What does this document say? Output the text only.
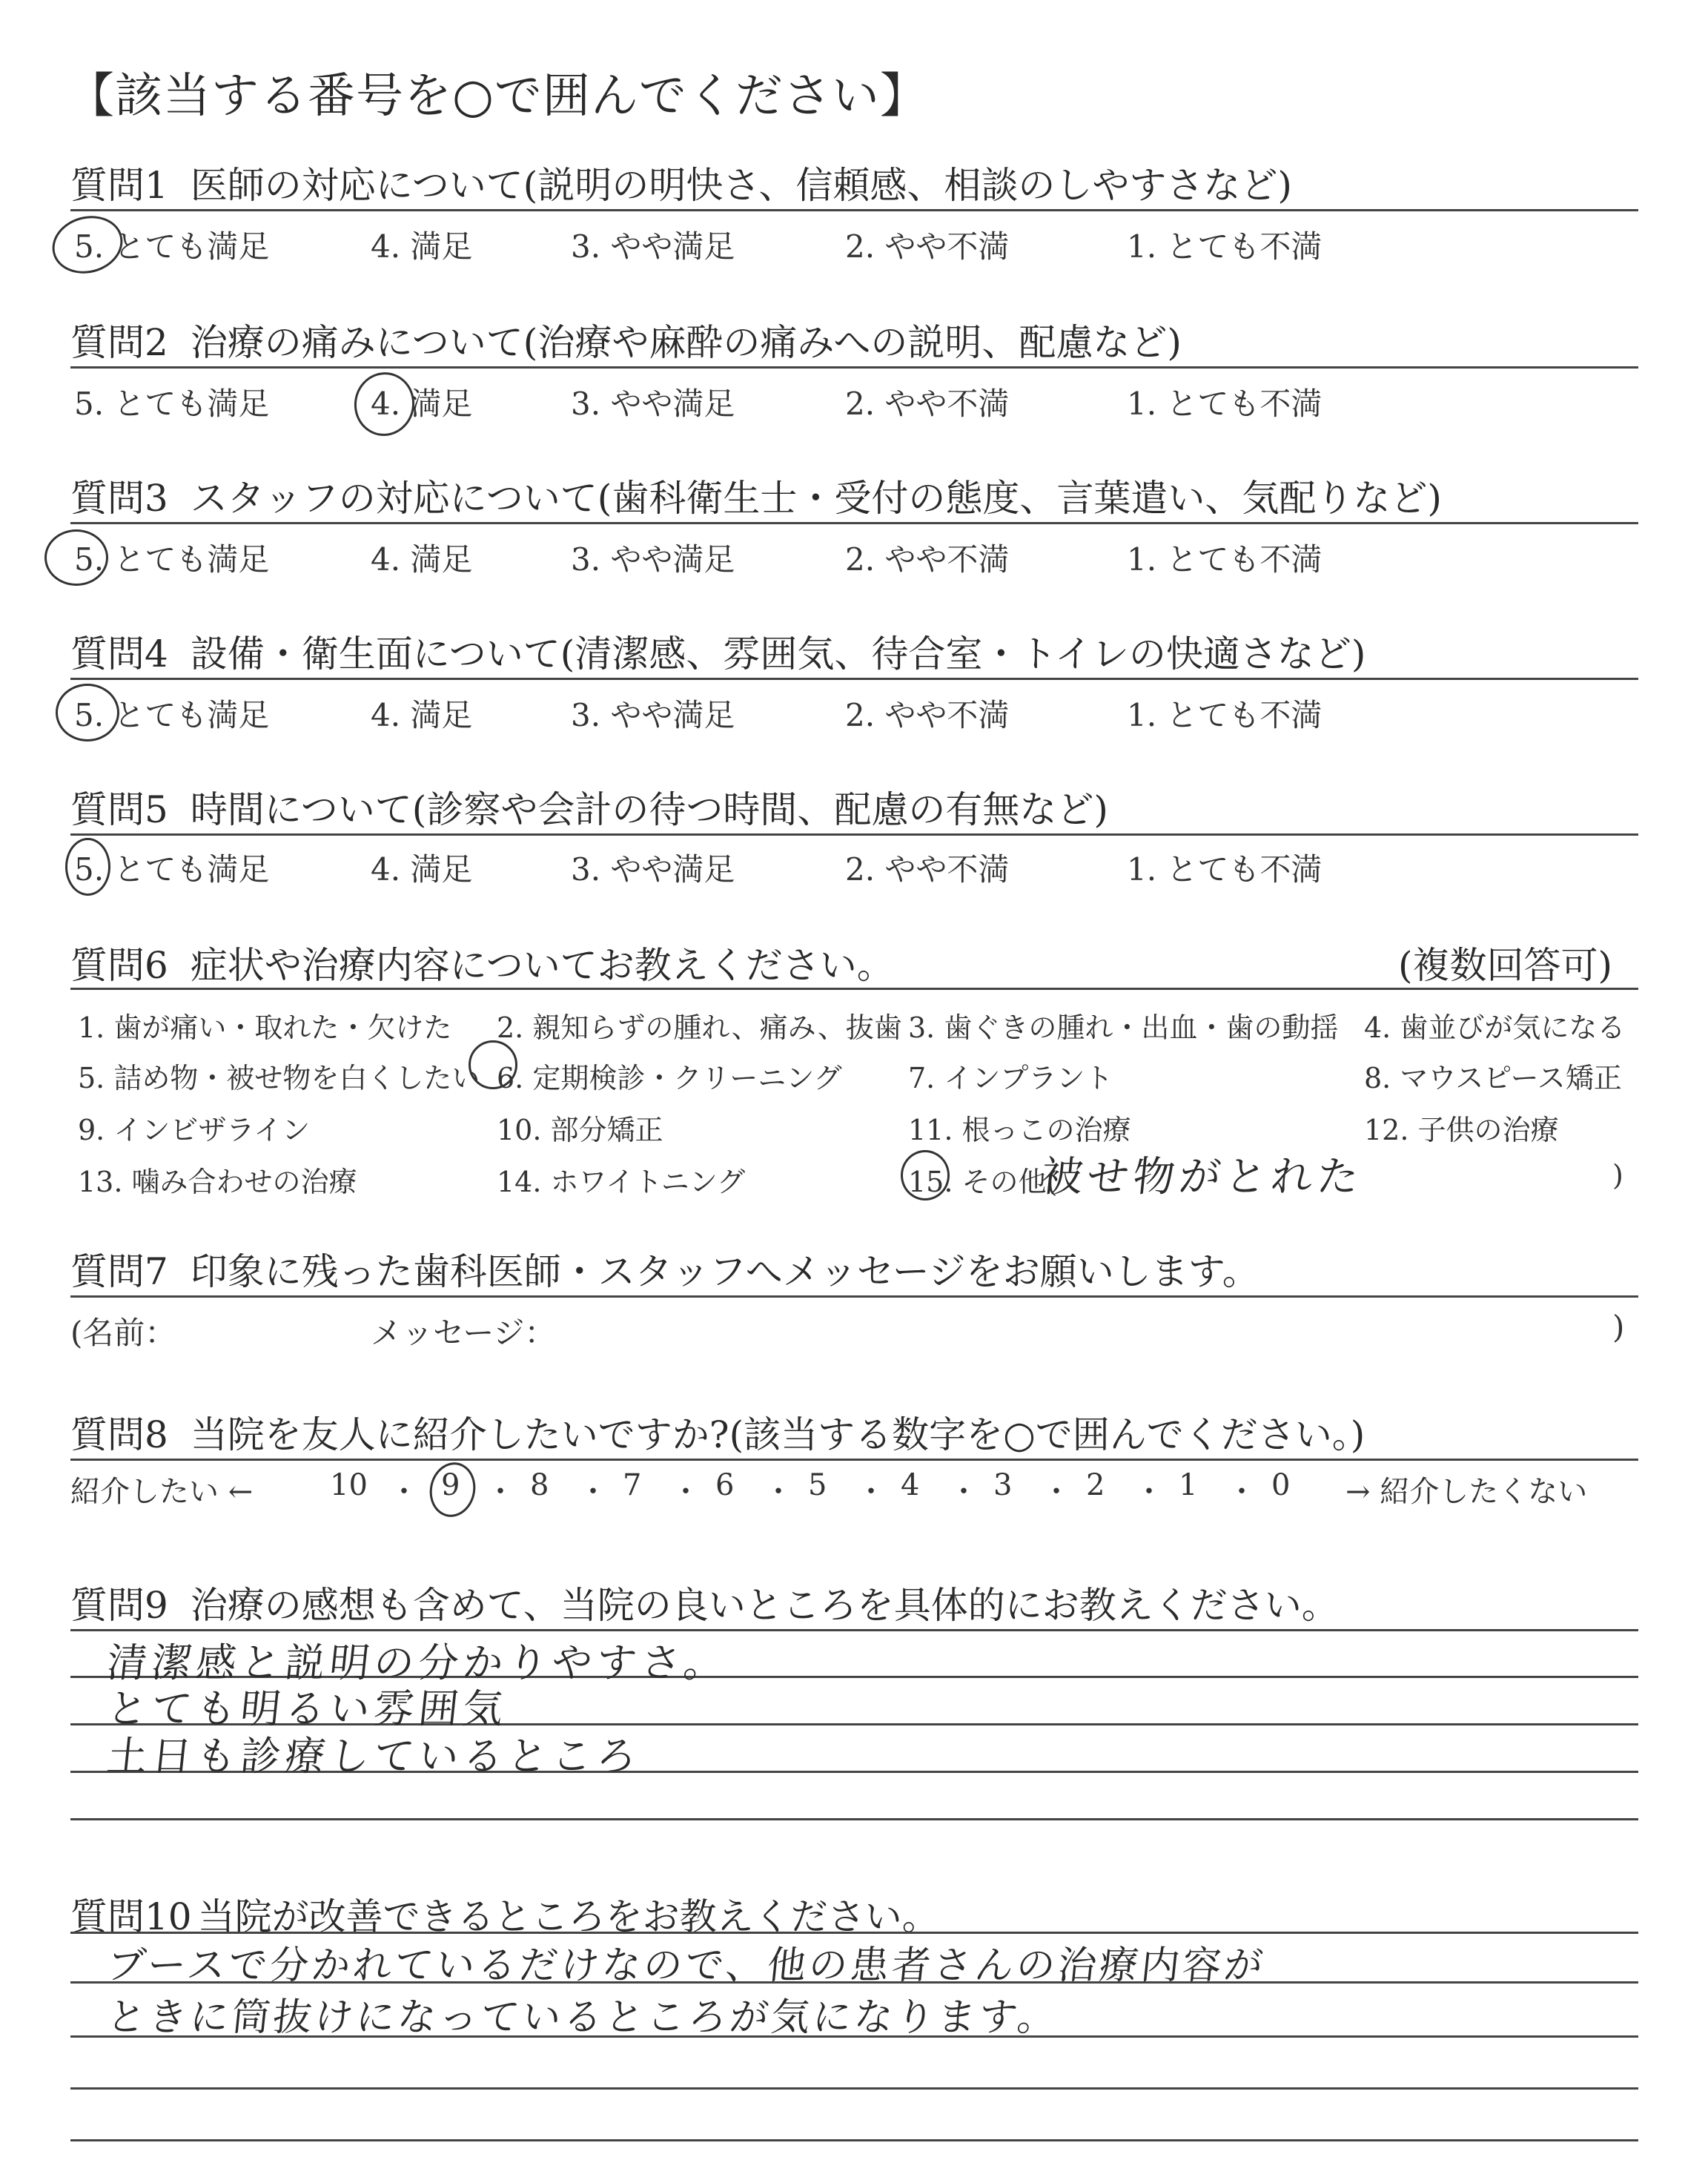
【該当する番号を○で囲んでください】
質問1 医師の対応について(説明の明快さ、信頼感、相談のしやすさなど)
5. とても満足	4. 満足	3. やや満足	2. やや不満	1. とても不満
質問2 治療の痛みについて(治療や麻酔の痛みへの説明、配慮など)
5. とても満足	4. 満足	3. やや満足	2. やや不満	1. とても不満
質問3 スタッフの対応について(歯科衛生士・受付の態度、言葉遣い、気配りなど)
5. とても満足	4. 満足	3. やや満足	2. やや不満	1. とても不満
質問4 設備・衛生面について(清潔感、雰囲気、待合室・トイレの快適さなど)
5. とても満足	4. 満足	3. やや満足	2. やや不満	1. とても不満
質問5 時間について(診察や会計の待つ時間、配慮の有無など)
5. とても満足	4. 満足	3. やや満足	2. やや不満	1. とても不満
質問6 症状や治療内容についてお教えください。	(複数回答可)
1. 歯が痛い・取れた・欠けた 2. 親知らずの腫れ、痛み、抜歯 3. 歯ぐきの腫れ・出血・歯の動揺 4. 歯並びが気になる
5. 詰め物・被せ物を白くしたい 6. 定期検診・クリーニング 7. インプラント	8. マウスピース矯正
9. インビザライン	10. 部分矯正	11. 根っこの治療	12. 子供の治療
13. 噛み合わせの治療	14. ホワイトニング	15. その他(
被せ物がとれた	)
質問7 印象に残った歯科医師・スタッフへメッセージをお願いします。
(名前：	メッセージ：	)
質問8 当院を友人に紹介したいですか?(該当する数字を○で囲んでください。)
紹介したい ←	10 ・ 9 ・ 8 ・ 7 ・ 6 ・ 5 ・ 4 ・ 3 ・ 2 ・ 1 ・ 0 → 紹介したくない
質問9 治療の感想も含めて、当院の良いところを具体的にお教えください。
清潔感と説明の分かりやすさ。
とても明るい雰囲気
土日も診療しているところ
質問10 当院が改善できるところをお教えください。
ブースで分かれているだけなので、他の患者さんの治療内容が
ときに筒抜けになっているところが気になります。
